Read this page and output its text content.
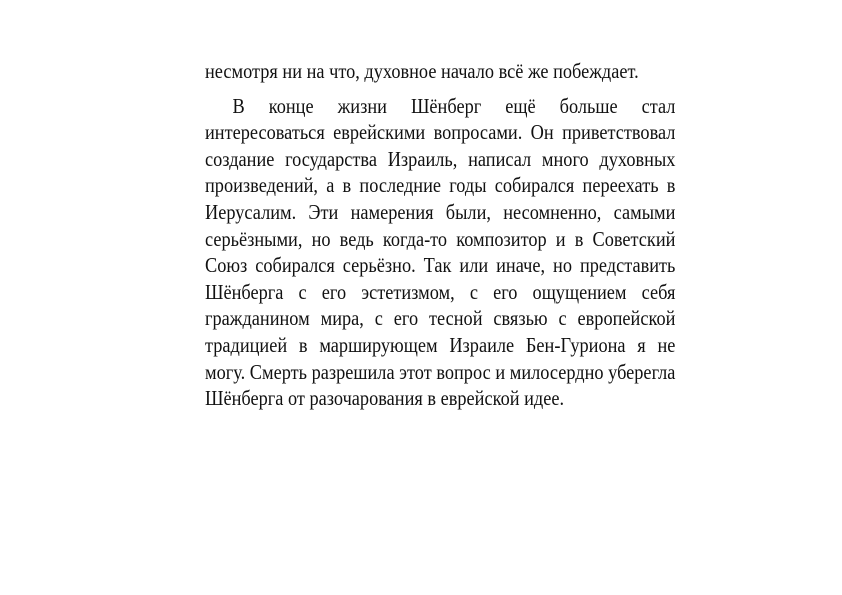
несмотря ни на что, духовное начало всё же побеждает.

В конце жизни Шёнберг ещё больше стал интересоваться еврейскими вопросами. Он приветствовал создание государства Израиль, написал много духовных произведений, а в последние годы собирался переехать в Иерусалим. Эти намерения были, несомненно, самыми серьёзными, но ведь когда-то композитор и в Советский Союз собирался серьёзно. Так или иначе, но представить Шёнберга с его эстетизмом, с его ощущением себя гражданином мира, с его тесной связью с европейской традицией в марширующем Израиле Бен-Гуриона я не могу. Смерть разрешила этот вопрос и милосердно уберегла Шёнберга от разочарования в еврейской идее.
